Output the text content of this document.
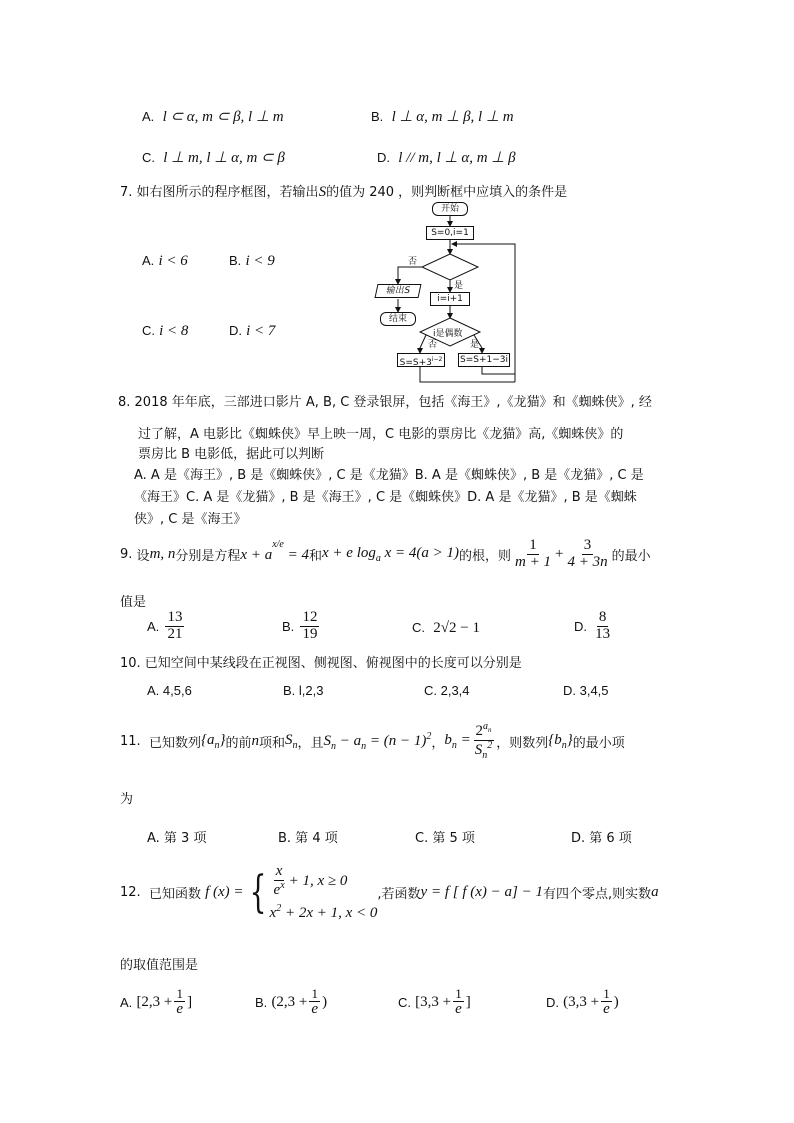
A. l ⊂ α, m ⊂ β, l ⊥ m	B. l ⊥ α, m ⊥ β, l ⊥ m
C. l ⊥ m, l ⊥ α, m ⊂ β	D. l // m, l ⊥ α, m ⊥ β
7. 如右图所示的程序框图，若输出S的值为 240 ，则判断框中应填入的条件是
A. i < 6	B. i < 9
C. i < 8	D. i < 7
开始
S=0,i=1
否
是
输出S
i=i+1
结束
i是偶数
否	是
$S=S+3^{i-2}$ S=S+1−3i
8. 2018 年年底，三部进口影片 A, B, C 登录银屏，包括《海王》,《龙猫》和《蜘蛛侠》, 经
过了解，A 电影比《蜘蛛侠》早上映一周，C 电影的票房比《龙猫》高,《蜘蛛侠》的
票房比 B 电影低，据此可以判断
A. A 是《海王》, B 是《蜘蛛侠》, C 是《龙猫》B. A 是《蜘蛛侠》, B 是《龙猫》, C 是
《海王》C. A 是《龙猫》, B 是《海王》, C 是《蜘蛛侠》D. A 是《龙猫》, B 是《蜘蛛
侠》, C 是《海王》
9.
设 m, n 分别是方程 $x + a^{x/e} = 4$ 和 x + e $\log_a x = 4(a > 1)$ 的根，则 $\frac{1}{m + 1} + \frac{3}{4 + 3n}$ 的最小
值是
A.
$\frac{13}{21}$	B.
$\frac{12}{19}$	C. 2√2 − 1	D.
$\frac{8}{13}$
10. 已知空间中某线段在正视图、侧视图、俯视图中的长度可以分别是
A. 4,5,6	B. l,2,3	C. 2,3,4	D. 3,4,5
11.
已知数列 $\{a_n\}$ 的前 n 项和 $S_n$ ，且 $S_n - a_n = (n - 1)^2$ ， $b_n = \frac{2^{a_n}}{S_n^2}$ ，则数列 $\{b_n\}$ 的最小项
为
A. 第 3 项	B. 第 4 项	C. 第 5 项	D. 第 6 项
12.
已知函数
f (x) = { $\frac{x}{e^x} + 1$, x ≥ 0
$x^2 + 2x + 1$, x < 0
,若函数 y = f [ f (x) − a] − 1 有四个零点,则实数 a
的取值范围是
A.
[$2,3 + \frac{1}{e}$ ]	B.
($2,3 + \frac{1}{e}$ )	C.
[$3,3 + \frac{1}{e}$ ]	D.
($3,3 + \frac{1}{e}$ )
